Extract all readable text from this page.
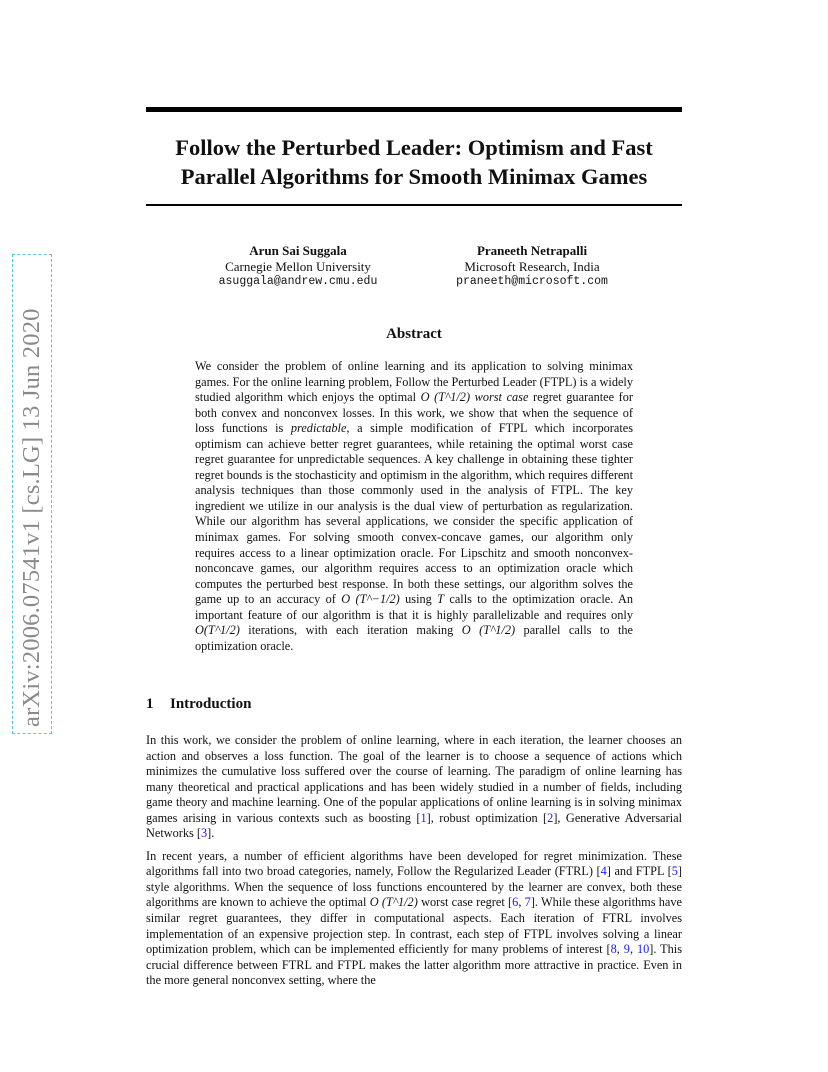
arXiv:2006.07541v1 [cs.LG] 13 Jun 2020
Follow the Perturbed Leader: Optimism and Fast
Parallel Algorithms for Smooth Minimax Games
Arun Sai Suggala
Carnegie Mellon University
asuggala@andrew.cmu.edu
Praneeth Netrapalli
Microsoft Research, India
praneeth@microsoft.com
Abstract

We consider the problem of online learning and its application to solving minimax games. For the online learning problem, Follow the Perturbed Leader (FTPL) is a widely studied algorithm which enjoys the optimal O (T^1/2) worst case regret guarantee for both convex and nonconvex losses. In this work, we show that when the sequence of loss functions is predictable, a simple modification of FTPL which incorporates optimism can achieve better regret guarantees, while retaining the optimal worst case regret guarantee for unpredictable sequences. A key challenge in obtaining these tighter regret bounds is the stochasticity and optimism in the algorithm, which requires different analysis techniques than those commonly used in the analysis of FTPL. The key ingredient we utilize in our analysis is the dual view of perturbation as regularization. While our algorithm has several applications, we consider the specific application of minimax games. For solving smooth convex-concave games, our algorithm only requires access to a linear optimization oracle. For Lipschitz and smooth nonconvex-nonconcave games, our algorithm requires access to an optimization oracle which computes the perturbed best response. In both these settings, our algorithm solves the game up to an accuracy of O (T^−1/2) using T calls to the optimization oracle. An important feature of our algorithm is that it is highly parallelizable and requires only O(T^1/2) iterations, with each iteration making O (T^1/2) parallel calls to the optimization oracle.

1 Introduction

In this work, we consider the problem of online learning, where in each iteration, the learner chooses an action and observes a loss function. The goal of the learner is to choose a sequence of actions which minimizes the cumulative loss suffered over the course of learning. The paradigm of online learning has many theoretical and practical applications and has been widely studied in a number of fields, including game theory and machine learning. One of the popular applications of online learning is in solving minimax games arising in various contexts such as boosting [1], robust optimization [2], Generative Adversarial Networks [3].

In recent years, a number of efficient algorithms have been developed for regret minimization. These algorithms fall into two broad categories, namely, Follow the Regularized Leader (FTRL) [4] and FTPL [5] style algorithms. When the sequence of loss functions encountered by the learner are convex, both these algorithms are known to achieve the optimal O (T^1/2) worst case regret [6, 7]. While these algorithms have similar regret guarantees, they differ in computational aspects. Each iteration of FTRL involves implementation of an expensive projection step. In contrast, each step of FTPL involves solving a linear optimization problem, which can be implemented efficiently for many problems of interest [8, 9, 10]. This crucial difference between FTRL and FTPL makes the latter algorithm more attractive in practice. Even in the more general nonconvex setting, where the
